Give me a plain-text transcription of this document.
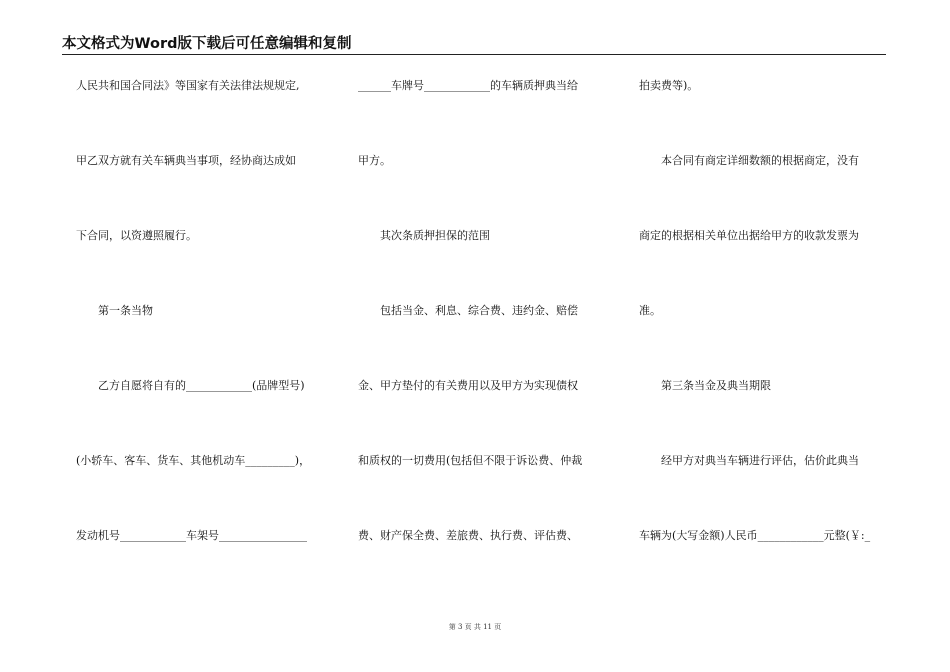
本文格式为Word版下载后可任意编辑和复制
人民共和国合同法》等国家有关法律法规规定,
甲乙双方就有关车辆典当事项，经协商达成如
下合同，以资遵照履行。
　　第一条当物
　　乙方自愿将自有的____________(品牌型号)
(小轿车、客车、货车、其他机动车_________)，
发动机号____________车架号________________
______车牌号____________的车辆质押典当给
甲方。
　　其次条质押担保的范围
　　包括当金、利息、综合费、违约金、赔偿
金、甲方垫付的有关费用以及甲方为实现债权
和质权的一切费用(包括但不限于诉讼费、仲裁
费、财产保全费、差旅费、执行费、评估费、
拍卖费等)。
　　本合同有商定详细数额的根据商定，没有
商定的根据相关单位出据给甲方的收款发票为
准。
　　第三条当金及典当期限
　　经甲方对典当车辆进行评估，估价此典当
车辆为(大写金额)人民币____________元整(￥:_
第 3 页 共 11 页
